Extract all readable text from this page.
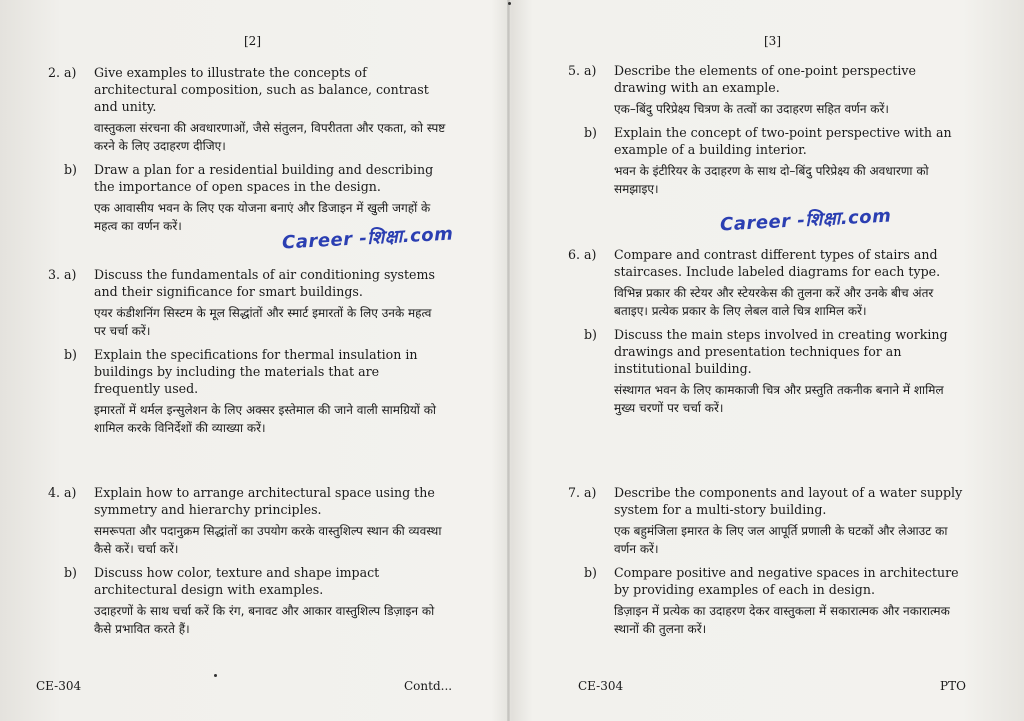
[2]
2. a)	Give examples to illustrate the concepts of architectural composition, such as balance, contrast and unity.
वास्तुकला संरचना की अवधारणाओं, जैसे संतुलन, विपरीतता और एकता, को स्पष्ट करने के लिए उदाहरण दीजिए।
b)	Draw a plan for a residential building and describing the importance of open spaces in the design.
एक आवासीय भवन के लिए एक योजना बनाएं और डिजाइन में खुली जगहों के महत्व का वर्णन करें।	Career -शिक्षा.com
3. a)	Discuss the fundamentals of air conditioning systems and their significance for smart buildings.
एयर कंडीशनिंग सिस्टम के मूल सिद्धांतों और स्मार्ट इमारतों के लिए उनके महत्व पर चर्चा करें।
b)	Explain the specifications for thermal insulation in buildings by including the materials that are frequently used.
इमारतों में थर्मल इन्सुलेशन के लिए अक्सर इस्तेमाल की जाने वाली सामग्रियों को शामिल करके विनिर्देशों की व्याख्या करें।
4. a)	Explain how to arrange architectural space using the symmetry and hierarchy principles.
समरूपता और पदानुक्रम सिद्धांतों का उपयोग करके वास्तुशिल्प स्थान की व्यवस्था कैसे करें। चर्चा करें।
b)	Discuss how color, texture and shape impact architectural design with examples.
उदाहरणों के साथ चर्चा करें कि रंग, बनावट और आकार वास्तुशिल्प डिज़ाइन को कैसे प्रभावित करते हैं।
CE-304	Contd...
[3]
5. a)	Describe the elements of one-point perspective drawing with an example.
एक–बिंदु परिप्रेक्ष्य चित्रण के तत्वों का उदाहरण सहित वर्णन करें।
b)	Explain the concept of two-point perspective with an example of a building interior.
भवन के इंटीरियर के उदाहरण के साथ दो–बिंदु परिप्रेक्ष्य की अवधारणा को समझाइए।
Career -शिक्षा.com
6. a)	Compare and contrast different types of stairs and staircases. Include labeled diagrams for each type.
विभिन्न प्रकार की स्टेयर और स्टेयरकेस की तुलना करें और उनके बीच अंतर बताइए। प्रत्येक प्रकार के लिए लेबल वाले चित्र शामिल करें।
b)	Discuss the main steps involved in creating working drawings and presentation techniques for an institutional building.
संस्थागत भवन के लिए कामकाजी चित्र और प्रस्तुति तकनीक बनाने में शामिल मुख्य चरणों पर चर्चा करें।
7. a)	Describe the components and layout of a water supply system for a multi-story building.
एक बहुमंजिला इमारत के लिए जल आपूर्ति प्रणाली के घटकों और लेआउट का वर्णन करें।
b)	Compare positive and negative spaces in architecture by providing examples of each in design.
डिज़ाइन में प्रत्येक का उदाहरण देकर वास्तुकला में सकारात्मक और नकारात्मक स्थानों की तुलना करें।
CE-304	PTO
